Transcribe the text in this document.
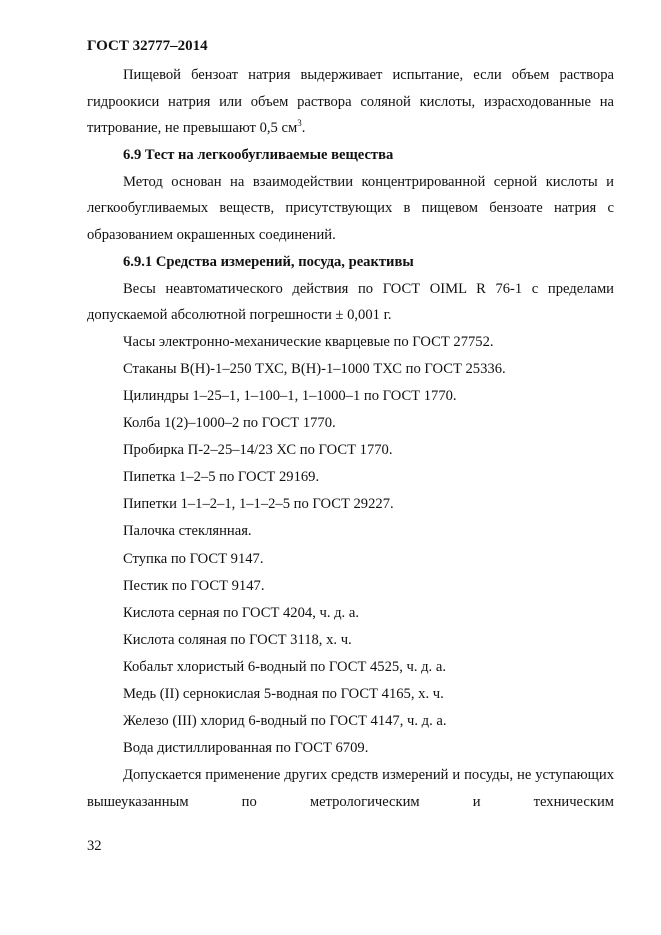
ГОСТ 32777–2014

Пищевой бензоат натрия выдерживает испытание, если объем раствора гидроокиси натрия или объем раствора соляной кислоты, израсходованные на титрование, не превышают 0,5 $см^3$.

6.9 Тест на легкообугливаемые вещества

Метод основан на взаимодействии концентрированной серной кислоты и легкообугливаемых веществ, присутствующих в пищевом бензоате натрия с образованием окрашенных соединений.

6.9.1 Средства измерений, посуда, реактивы

Весы неавтоматического действия по ГОСТ OIML R 76-1 с пределами допускаемой абсолютной погрешности ± 0,001 г.

Часы электронно-механические кварцевые по ГОСТ 27752.

Стаканы В(Н)-1–250 ТХС, В(Н)-1–1000 ТХС по ГОСТ 25336.

Цилиндры 1–25–1, 1–100–1, 1–1000–1 по ГОСТ 1770.

Колба 1(2)–1000–2 по ГОСТ 1770.

Пробирка П-2–25–14/23 ХС по ГОСТ 1770.

Пипетка 1–2–5 по ГОСТ 29169.

Пипетки 1–1–2–1, 1–1–2–5 по ГОСТ 29227.

Палочка стеклянная.

Ступка по ГОСТ 9147.

Пестик по ГОСТ 9147.

Кислота серная по ГОСТ 4204, ч. д. а.

Кислота соляная по ГОСТ 3118, х. ч.

Кобальт хлористый 6-водный по ГОСТ 4525, ч. д. а.

Медь (II) сернокислая 5-водная по ГОСТ 4165, х. ч.

Железо (III) хлорид 6-водный по ГОСТ 4147, ч. д. а.

Вода дистиллированная по ГОСТ 6709.

Допускается применение других средств измерений и посуды, не уступающих вышеуказанным по метрологическим и техническим

32
